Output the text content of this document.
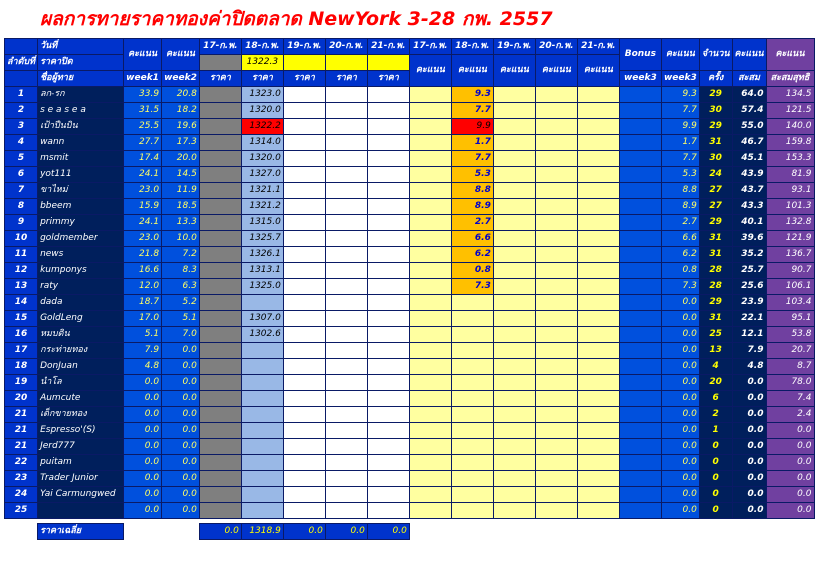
ผลการทายราคาทองค่าปิดตลาด NewYork 3-28 กพ. 2557
	วันที่	คะแนน	คะแนน	17-ก.พ.	18-ก.พ.	19-ก.พ.	20-ก.พ.	21-ก.พ.	17-ก.พ.	18-ก.พ.	19-ก.พ.	20-ก.พ.	21-ก.พ.	Bonus	คะแนน	จำนวน	คะแนน	คะแนน
ลำดับที่	ราคาปิด				1322.3				คะแนน	คะแนน	คะแนน	คะแนน	คะแนน					
	ชื่อผู้ทาย	week1	week2	ราคา	ราคา	ราคา	ราคา	ราคา						week3	week3	ครั้ง	สะสม	สะสมสุทธิ
1	ลก-รก	33.9	20.8		1323.0					9.3					9.3	29	64.0	134.5
2	s e a s e a	31.5	18.2		1320.0					7.7					7.7	30	57.4	121.5
3	เป้าปืนบิน	25.5	19.6		1322.2					9.9					9.9	29	55.0	140.0
4	wann	27.7	17.3		1314.0					1.7					1.7	31	46.7	159.8
5	msmit	17.4	20.0		1320.0					7.7					7.7	30	45.1	153.3
6	yot111	24.1	14.5		1327.0					5.3					5.3	24	43.9	81.9
7	ขาไหม่	23.0	11.9		1321.1					8.8					8.8	27	43.7	93.1
8	bbeem	15.9	18.5		1321.2					8.9					8.9	27	43.3	101.3
9	primmy	24.1	13.3		1315.0					2.7					2.7	29	40.1	132.8
10	goldmember	23.0	10.0		1325.7					6.6					6.6	31	39.6	121.9
11	news	21.8	7.2		1326.1					6.2					6.2	31	35.2	136.7
12	kumponys	16.6	8.3		1313.1					0.8					0.8	28	25.7	90.7
13	raty	12.0	6.3		1325.0					7.3					7.3	28	25.6	106.1
14	dada	18.7	5.2												0.0	29	23.9	103.4
15	GoldLeng	17.0	5.1		1307.0										0.0	31	22.1	95.1
16	หมบดิน	5.1	7.0		1302.6										0.0	25	12.1	53.8
17	กระท่ายทอง	7.9	0.0												0.0	13	7.9	20.7
18	DonJuan	4.8	0.0												0.0	4	4.8	8.7
19	นำโล	0.0	0.0												0.0	20	0.0	78.0
20	Aumcute	0.0	0.0												0.0	6	0.0	7.4
21	เด็กขายทอง	0.0	0.0												0.0	2	0.0	2.4
21	Espresso'(S)	0.0	0.0												0.0	1	0.0	0.0
21	Jerd777	0.0	0.0												0.0	0	0.0	0.0
22	puitam	0.0	0.0												0.0	0	0.0	0.0
23	Trader Junior	0.0	0.0												0.0	0	0.0	0.0
24	Yai Carmungwed	0.0	0.0												0.0	0	0.0	0.0
25		0.0	0.0												0.0	0	0.0	0.0

	ราคาเฉลี่ย			0.0	1318.9	0.0	0.0	0.0										
